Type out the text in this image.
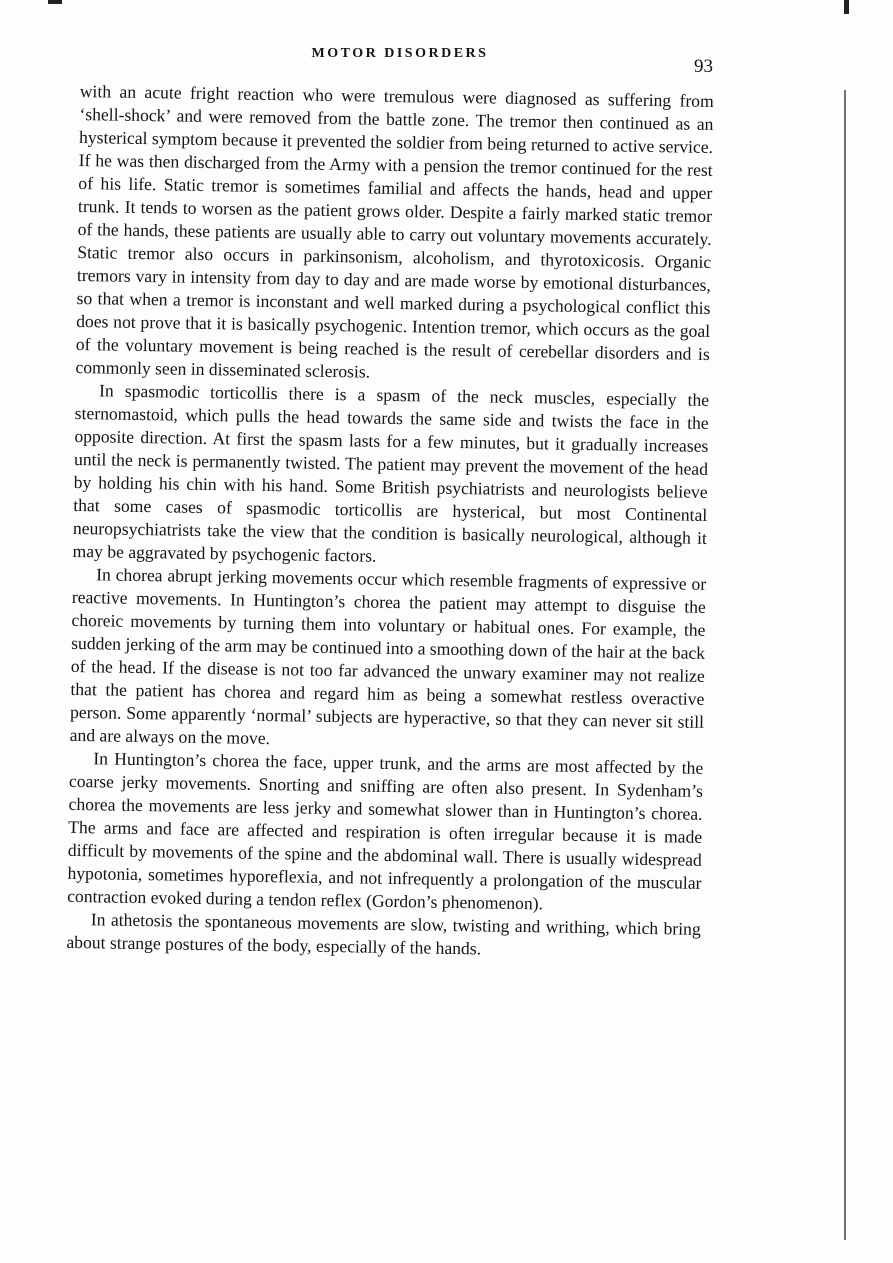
MOTOR DISORDERS
93

with an acute fright reaction who were tremulous were diagnosed as suffering from ‘shell-shock’ and were removed from the battle zone. The tremor then continued as an hysterical symptom because it prevented the soldier from being returned to active service. If he was then discharged from the Army with a pension the tremor continued for the rest of his life. Static tremor is sometimes familial and affects the hands, head and upper trunk. It tends to worsen as the patient grows older. Despite a fairly marked static tremor of the hands, these patients are usually able to carry out voluntary movements accurately. Static tremor also occurs in parkinsonism, alcoholism, and thyrotoxicosis. Organic tremors vary in intensity from day to day and are made worse by emotional disturbances, so that when a tremor is inconstant and well marked during a psychological conflict this does not prove that it is basically psychogenic. Intention tremor, which occurs as the goal of the voluntary movement is being reached is the result of cerebellar disorders and is commonly seen in disseminated sclerosis.

In spasmodic torticollis there is a spasm of the neck muscles, especially the sternomastoid, which pulls the head towards the same side and twists the face in the opposite direction. At first the spasm lasts for a few minutes, but it gradually increases until the neck is permanently twisted. The patient may prevent the movement of the head by holding his chin with his hand. Some British psychiatrists and neurologists believe that some cases of spasmodic torticollis are hysterical, but most Continental neuropsychiatrists take the view that the condition is basically neurological, although it may be aggravated by psychogenic factors.

In chorea abrupt jerking movements occur which resemble fragments of expressive or reactive movements. In Huntington’s chorea the patient may attempt to disguise the choreic movements by turning them into voluntary or habitual ones. For example, the sudden jerking of the arm may be continued into a smoothing down of the hair at the back of the head. If the disease is not too far advanced the unwary examiner may not realize that the patient has chorea and regard him as being a somewhat restless overactive person. Some apparently ‘normal’ subjects are hyperactive, so that they can never sit still and are always on the move.

In Huntington’s chorea the face, upper trunk, and the arms are most affected by the coarse jerky movements. Snorting and sniffing are often also present. In Sydenham’s chorea the movements are less jerky and somewhat slower than in Huntington’s chorea. The arms and face are affected and respiration is often irregular because it is made difficult by movements of the spine and the abdominal wall. There is usually widespread hypotonia, sometimes hyporeflexia, and not infrequently a prolongation of the muscular contraction evoked during a tendon reflex (Gordon’s phenomenon).

In athetosis the spontaneous movements are slow, twisting and writhing, which bring about strange postures of the body, especially of the hands.
